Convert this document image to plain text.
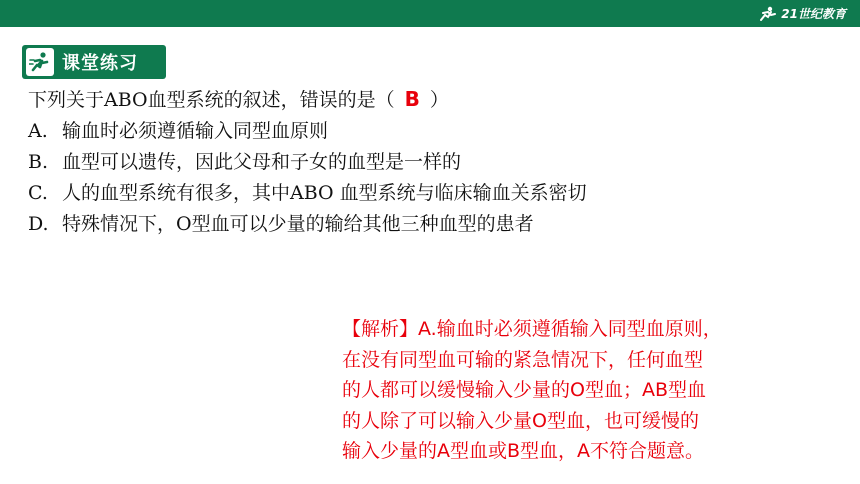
21世纪教育
课堂练习
下列关于ABO血型系统的叙述，错误的是（ B ）
A. 输血时必须遵循输入同型血原则
B. 血型可以遗传，因此父母和子女的血型是一样的
C. 人的血型系统有很多，其中ABO 血型系统与临床输血关系密切
D. 特殊情况下，O型血可以少量的输给其他三种血型的患者
【解析】A.输血时必须遵循输入同型血原则，
在没有同型血可输的紧急情况下，任何血型
的人都可以缓慢输入少量的O型血；AB型血
的人除了可以输入少量O型血，也可缓慢的
输入少量的A型血或B型血，A不符合题意。
